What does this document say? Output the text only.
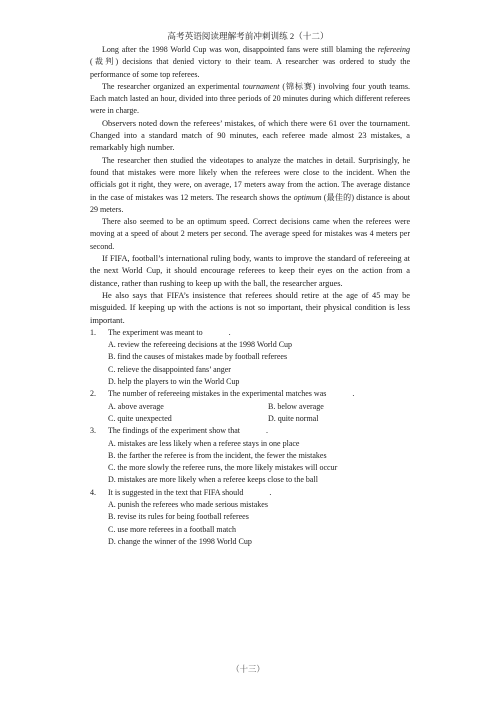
高考英语阅读理解考前冲刺训练 2（十二）

Long after the 1998 World Cup was won, disappointed fans were still blaming the refereeing (裁判) decisions that denied victory to their team. A researcher was ordered to study the performance of some top referees.

The researcher organized an experimental tournament (锦标赛) involving four youth teams. Each match lasted an hour, divided into three periods of 20 minutes during which different referees were in charge.

Observers noted down the referees’ mistakes, of which there were 61 over the tournament. Changed into a standard match of 90 minutes, each referee made almost 23 mistakes, a remarkably high number.

The researcher then studied the videotapes to analyze the matches in detail. Surprisingly, he found that mistakes were more likely when the referees were close to the incident. When the officials got it right, they were, on average, 17 meters away from the action. The average distance in the case of mistakes was 12 meters. The research shows the optimum (最佳的) distance is about 29 meters.

There also seemed to be an optimum speed. Correct decisions came when the referees were moving at a speed of about 2 meters per second. The average speed for mistakes was 4 meters per second.

If FIFA, football’s international ruling body, wants to improve the standard of refereeing at the next World Cup, it should encourage referees to keep their eyes on the action from a distance, rather than rushing to keep up with the ball, the researcher argues.

He also says that FIFA’s insistence that referees should retire at the age of 45 may be misguided. If keeping up with the actions is not so important, their physical condition is less important.

1.	The experiment was meant to	.

A. review the refereeing decisions at the 1998 World Cup

B. find the causes of mistakes made by football referees

C. relieve the disappointed fans’ anger

D. help the players to win the World Cup

2.	The number of refereeing mistakes in the experimental matches was	.
A. above average	B. below average
C. quite unexpected	D. quite normal
3.	The findings of the experiment show that	.

A. mistakes are less likely when a referee stays in one place

B. the farther the referee is from the incident, the fewer the mistakes

C. the more slowly the referee runs, the more likely mistakes will occur

D. mistakes are more likely when a referee keeps close to the ball

4.	It is suggested in the text that FIFA should	.

A. punish the referees who made serious mistakes

B. revise its rules for being football referees

C. use more referees in a football match

D. change the winner of the 1998 World Cup

（十三）
